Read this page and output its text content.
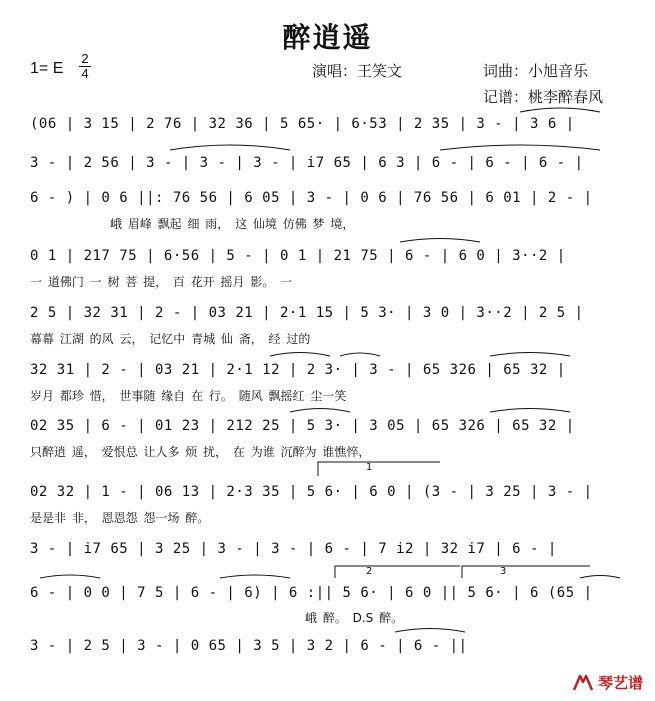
醉逍遥
1= E
2
4	演唱：王笑文	词曲：小旭音乐
记谱：桃李醉春风
(06 | 3 15 | 2 76 | 32 36 | 5 65· | 6·53 | 2 35 | 3 - | 3 6 |
3 - | 2 56 | 3 - | 3 - | 3 - | i7 65 | 6 3 | 6 - | 6 - | 6 - |
6 - ) | 0 6 ||: 76 56 | 6 05 | 3 - | 0 6 | 76 56 | 6 01 | 2 - |
峨 眉峰 飘起 细 雨， 这 仙境 仿佛 梦 境，
0 1 | 217 75 | 6·56 | 5 - | 0 1 | 21 75 | 6 - | 6 0 | 3··2 |
一 道佛门 一 树 菩 提， 百 花开 摇月 影。 一
2 5 | 32 31 | 2 - | 03 21 | 2·1 15 | 5 3· | 3 0 | 3··2 | 2 5 |
幕幕 江湖 的风 云， 记忆中 青城 仙 斋， 经 过的
32 31 | 2 - | 03 21 | 2·1 12 | 2 3· | 3 - | 65 326 | 65 32 |
岁月 都珍 惜， 世事随 缘自 在 行。 随风 飘摇红 尘一笑
02 35 | 6 - | 01 23 | 212 25 | 5 3· | 3 05 | 65 326 | 65 32 |
只醉逍 遥， 爱恨总 让人多 烦 扰， 在 为谁 沉醉为 谁憔悴，
02 32 | 1 - | 06 13 | 2·3 35 | 5 6· | 6 0 | (3 - | 3 25 | 3 - |
是是非 非， 恩恩怨 怨一场 醉。
3 - | i7 65 | 3 25 | 3 - | 3 - | 6 - | 7 i2 | 32 i7 | 6 - |
6 - | 0 0 | 7 5 | 6 - | 6) | 6 :|| 5 6· | 6 0 || 5 6· | 6 (65 |
峨 醉。 D.S 醉。
3 - | 2 5 | 3 - | 0 65 | 3 5 | 3 2 | 6 - | 6 - ||
1
2	3
琴艺谱
